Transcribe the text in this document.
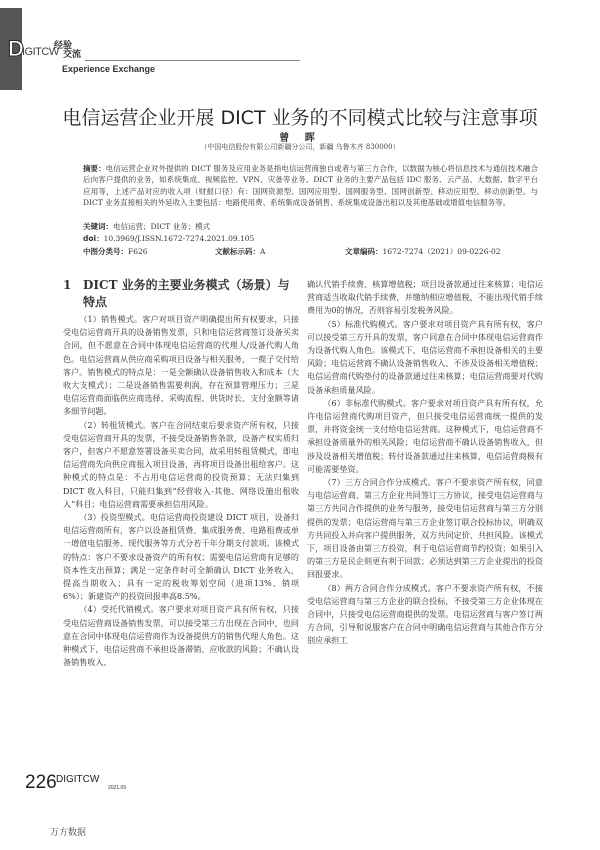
D
IGITCW
经验
交流
Experience Exchange
电信运营企业开展 DICT 业务的不同模式比较与注意事项
曾 晖
（中国电信股份有限公司新疆分公司，新疆 乌鲁木齐 830000）
摘要：电信运营企业对外提供的 DICT 服务及应用业务是指电信运营商独自或者与第三方合作，以数据为核心将信息技术与通信技术融合后向客户提供的业务，如系统集成、视频监控、VPN、灾备等业务。DICT 业务的主要产品包括 IDC 服务、云产品、大数据、数字平台应用等，上述产品对应的收入项（财报口径）有：国网资源型、国网应用型、国网服务型、国网创新型、移动应用型、移动创新型。与 DICT 业务直接相关的外延收入主要包括：电路使用费、系统集成设备销售、系统集成设备出租以及其他基础或增值电信服务等。
关键词：电信运营；DICT 业务；模式
doi：10.3969/J.ISSN.1672-7274.2021.09.105
中图分类号：F626	文献标示码：A	文章编码：1672-7274（2021）09-0226-02
1 DICT 业务的主要业务模式（场景）与
特点

（1）销售模式。客户对项目资产明确提出所有权要求，只接受电信运营商开具的设备销售发票，只和电信运营商签订设备买卖合同，但不愿意在合同中体现电信运营商的代理人/设备代购人角色。电信运营商从供应商采购项目设备与相关服务，一揽子交付给客户。销售模式的特点是：一是全额确认设备销售收入和成本（大收大支模式）；二是设备销售需要利润，存在预算管理压力；三是电信运营商面临供应商选择、采购流程、供货时长、支付金额等诸多细节问题。

（2）转租赁模式。客户在合同结束后要求资产所有权，只接受电信运营商开具的发票，不接受设备销售条款，设备产权实质归客户，但客户不愿意签署设备买卖合同，故采用转租赁模式，即电信运营商先向供应商租入项目设备，再将项目设备出租给客户。这种模式的特点是：不占用电信运营商的投资预算；无法归集到 DICT 收入科目，只能归集到“经营收入-其他、网络设施出租收入”科目；电信运营商需要承担信用风险。

（3）投资型模式。电信运营商投资建设 DICT 项目，设备归电信运营商所有，客户以设备租赁费、集成服务费、电路租费或单一增值电信服务、现代服务等方式分若干年分期支付款项。该模式的特点：客户不要求设备资产的所有权；需要电信运营商有足够的资本性支出预算；满足一定条件时可全额确认 DICT 业务收入，提高当期收入；具有一定的税收筹划空间（进项13%、销项6%）；新建资产的投资回报率高8.5%。

（4）受托代销模式。客户要求对项目资产具有所有权，只接受电信运营商设备销售发票，可以接受第三方出现在合同中，也同意在合同中体现电信运营商作为设备提供方的销售代理人角色。这种模式下，电信运营商不承担设备滞销、应收款的风险；不确认设备销售收入、

确认代销手续费、核算增值税；项目设备款通过往来核算；电信运营商适当收取代销手续费，并缴纳相应增值税，不能出现代销手续费用为0的情况，否则容易引发税务风险。

（5）标准代购模式。客户要求对项目资产具有所有权，客户可以接受第三方开具的发票，客户同意在合同中体现电信运营商作为设备代购人角色。该模式下，电信运营商不承担设备相关的主要风险；电信运营商不确认设备销售收入、不涉及设备相关增值税；电信运营商代购垫付的设备款通过往来核算；电信运营商要对代购设备承担质量风险。

（6）非标准代购模式。客户要求对项目资产具有所有权，允许电信运营商代购项目资产，但只接受电信运营商统一提供的发票，并将资金统一支付给电信运营商。这种模式下，电信运营商不承担设备质量外的相关风险；电信运营商不确认设备销售收入，但涉及设备相关增值税；转付设备款通过往来核算，电信运营商极有可能需要垫资。

（7）三方合同合作分成模式。客户不要求资产所有权，同意与电信运营商、第三方企业共同签订三方协议，接受电信运营商与第三方共同合作提供的业务与服务，接受电信运营商与第三方分别提供的发票；电信运营商与第三方企业签订联合投标协议，明确双方共同投入并向客户提供服务，双方共同定价、共担风险。该模式下，项目设备由第三方投资，利于电信运营商节约投资；如果引入的第三方是民企则更有利于回款；必须达到第三方企业提出的投资回报要求。

（8）两方合同合作分成模式。客户不要求资产所有权，不接受电信运营商与第三方企业的联合投标，不接受第三方企业体现在合同中，只接受电信运营商提供的发票。电信运营商与客户签订两方合同，引导和说服客户在合同中明确电信运营商与其他合作方分别应承担工

226 DIGITCW
2021.09
万方数据
